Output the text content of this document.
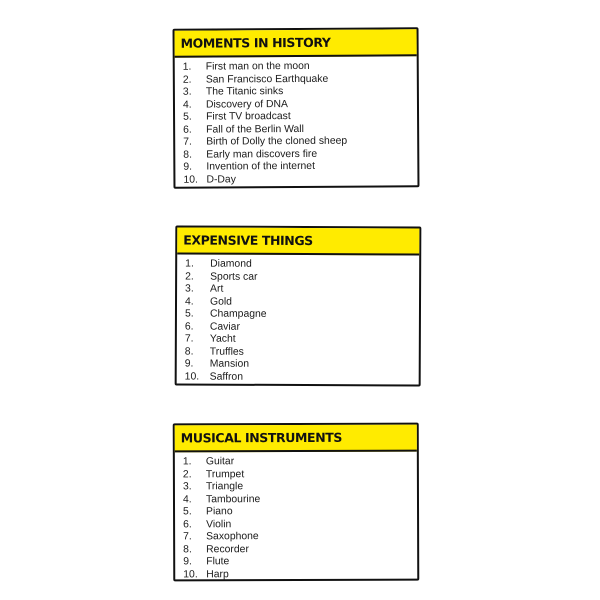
MOMENTS IN HISTORY
1.	First man on the moon
2.	San Francisco Earthquake
3.	The Titanic sinks
4.	Discovery of DNA
5.	First TV broadcast
6.	Fall of the Berlin Wall
7.	Birth of Dolly the cloned sheep
8.	Early man discovers fire
9.	Invention of the internet
10. D-Day
EXPENSIVE THINGS
1.	Diamond
2.	Sports car
3.	Art
4.	Gold
5.	Champagne
6.	Caviar
7.	Yacht
8.	Truffles
9.	Mansion
10.	Saffron
MUSICAL INSTRUMENTS
1.	Guitar
2.	Trumpet
3.	Triangle
4.	Tambourine
5.	Piano
6.	Violin
7.	Saxophone
8.	Recorder
9.	Flute
10. Harp
